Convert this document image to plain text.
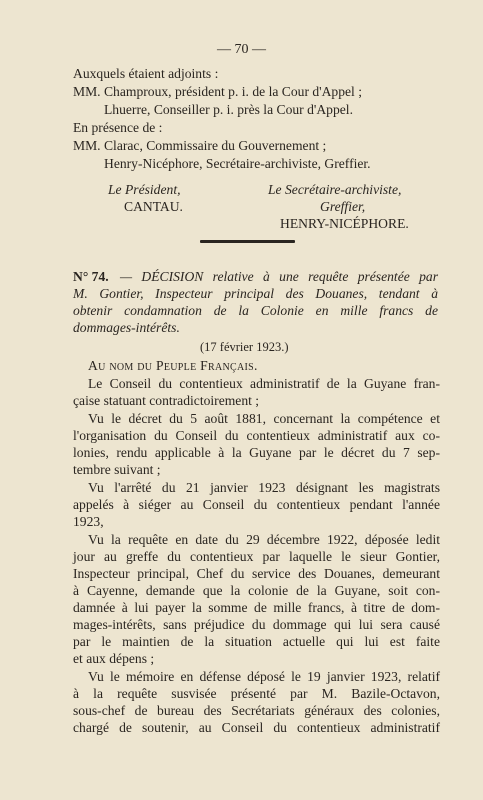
— 70 —
Auxquels étaient adjoints :
MM. Champroux, président p. i. de la Cour d'Appel ;
Lhuerre, Conseiller p. i. près la Cour d'Appel.
En présence de :
MM. Clarac, Commissaire du Gouvernement ;
Henry-Nicéphore, Secrétaire-archiviste, Greffier.
Le Président,
CANTAU.
Le Secrétaire-archiviste,
Greffier,
HENRY-NICÉPHORE.
N° 74. — DÉCISION relative à une requête présentée par
M. Gontier, Inspecteur principal des Douanes, tendant à
obtenir condamnation de la Colonie en mille francs de
dommages-intérêts.
(17 février 1923.)
Au nom du Peuple Français.
Le Conseil du contentieux administratif de la Guyane fran-
çaise statuant contradictoirement ;
Vu le décret du 5 août 1881, concernant la compétence et
l'organisation du Conseil du contentieux administratif aux co-
lonies, rendu applicable à la Guyane par le décret du 7 sep-
tembre suivant ;
Vu l'arrêté du 21 janvier 1923 désignant les magistrats
appelés à siéger au Conseil du contentieux pendant l'année
1923,
Vu la requête en date du 29 décembre 1922, déposée ledit
jour au greffe du contentieux par laquelle le sieur Gontier,
Inspecteur principal, Chef du service des Douanes, demeurant
à Cayenne, demande que la colonie de la Guyane, soit con-
damnée à lui payer la somme de mille francs, à titre de dom-
mages-intérêts, sans préjudice du dommage qui lui sera causé
par le maintien de la situation actuelle qui lui est faite
et aux dépens ;
Vu le mémoire en défense déposé le 19 janvier 1923, relatif
à la requête susvisée présenté par M. Bazile-Octavon,
sous-chef de bureau des Secrétariats généraux des colonies,
chargé de soutenir, au Conseil du contentieux administratif
